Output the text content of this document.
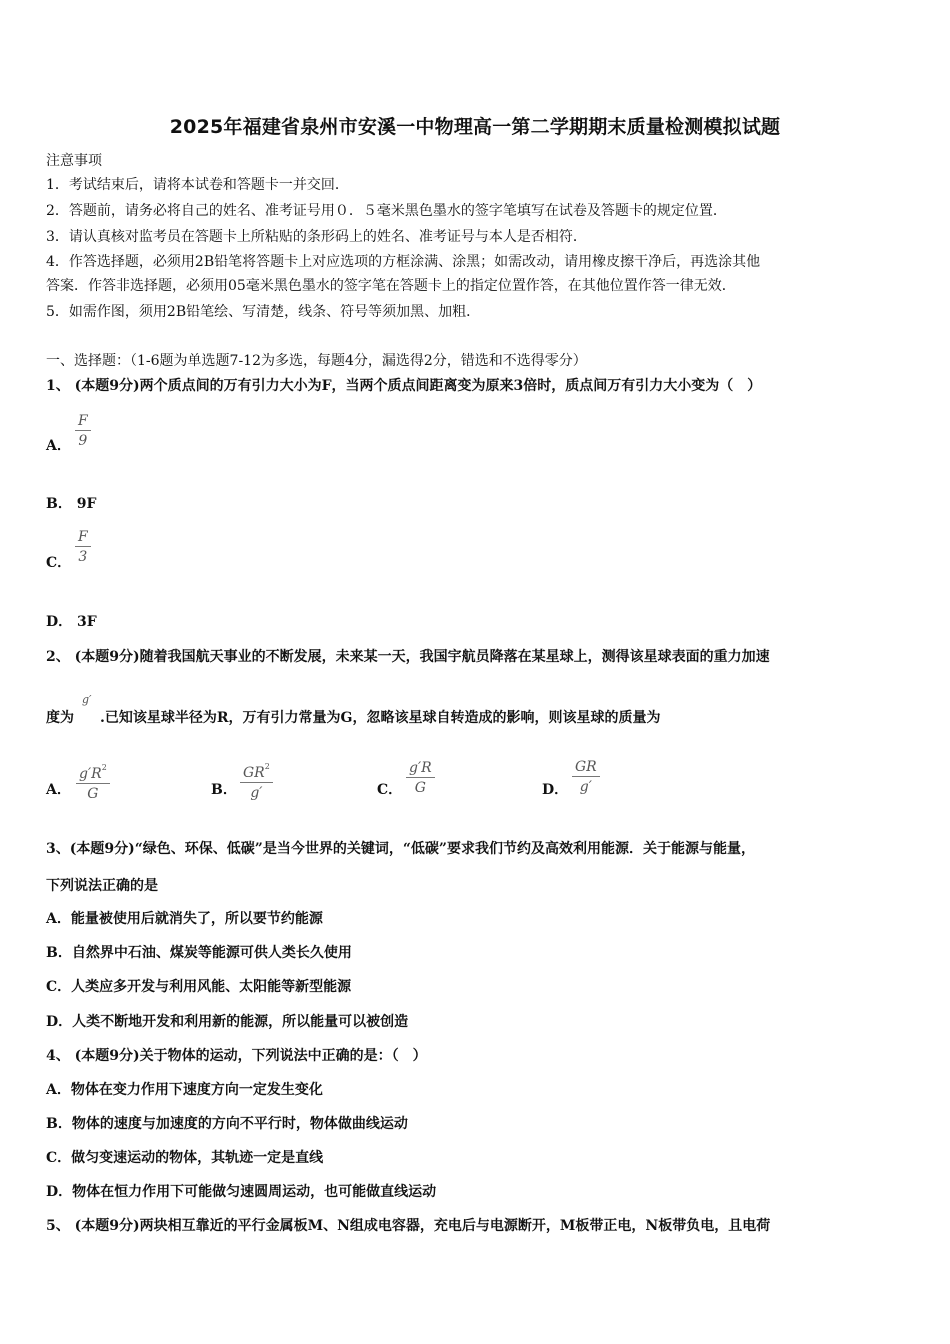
2025年福建省泉州市安溪一中物理高一第二学期期末质量检测模拟试题
注意事项
1．考试结束后，请将本试卷和答题卡一并交回．
2．答题前，请务必将自己的姓名、准考证号用０．５毫米黑色墨水的签字笔填写在试卷及答题卡的规定位置．
3．请认真核对监考员在答题卡上所粘贴的条形码上的姓名、准考证号与本人是否相符．
4．作答选择题，必须用2B铅笔将答题卡上对应选项的方框涂满、涂黑；如需改动，请用橡皮擦干净后，再选涂其他
答案．作答非选择题，必须用05毫米黑色墨水的签字笔在答题卡上的指定位置作答，在其他位置作答一律无效．
5．如需作图，须用2B铅笔绘、写清楚，线条、符号等须加黑、加粗．
一、选择题：（1-6题为单选题7-12为多选，每题4分，漏选得2分，错选和不选得零分）
1、 (本题9分)两个质点间的万有引力大小为F，当两个质点间距离变为原来3倍时，质点间万有引力大小变为（　）
A．
F
9
B． 9F
C．
F
3
D． 3F
2、 (本题9分)随着我国航天事业的不断发展，未来某一天，我国宇航员降落在某星球上，测得该星球表面的重力加速
度为
g′
.已知该星球半径为R，万有引力常量为G，忽略该星球自转造成的影响，则该星球的质量为
A．
$g'R^2$
G	B．
$GR^2$
g′	C．
g′R
G	D．
GR
g′
3、(本题9分)“绿色、环保、低碳”是当今世界的关键词，“低碳”要求我们节约及高效利用能源．关于能源与能量，
下列说法正确的是
A．能量被使用后就消失了，所以要节约能源
B．自然界中石油、煤炭等能源可供人类长久使用
C．人类应多开发与利用风能、太阳能等新型能源
D．人类不断地开发和利用新的能源，所以能量可以被创造
4、 (本题9分)关于物体的运动，下列说法中正确的是：（　）
A．物体在变力作用下速度方向一定发生变化
B．物体的速度与加速度的方向不平行时，物体做曲线运动
C．做匀变速运动的物体，其轨迹一定是直线
D．物体在恒力作用下可能做匀速圆周运动，也可能做直线运动
5、 (本题9分)两块相互靠近的平行金属板M、N组成电容器，充电后与电源断开，M板带正电，N板带负电，且电荷
